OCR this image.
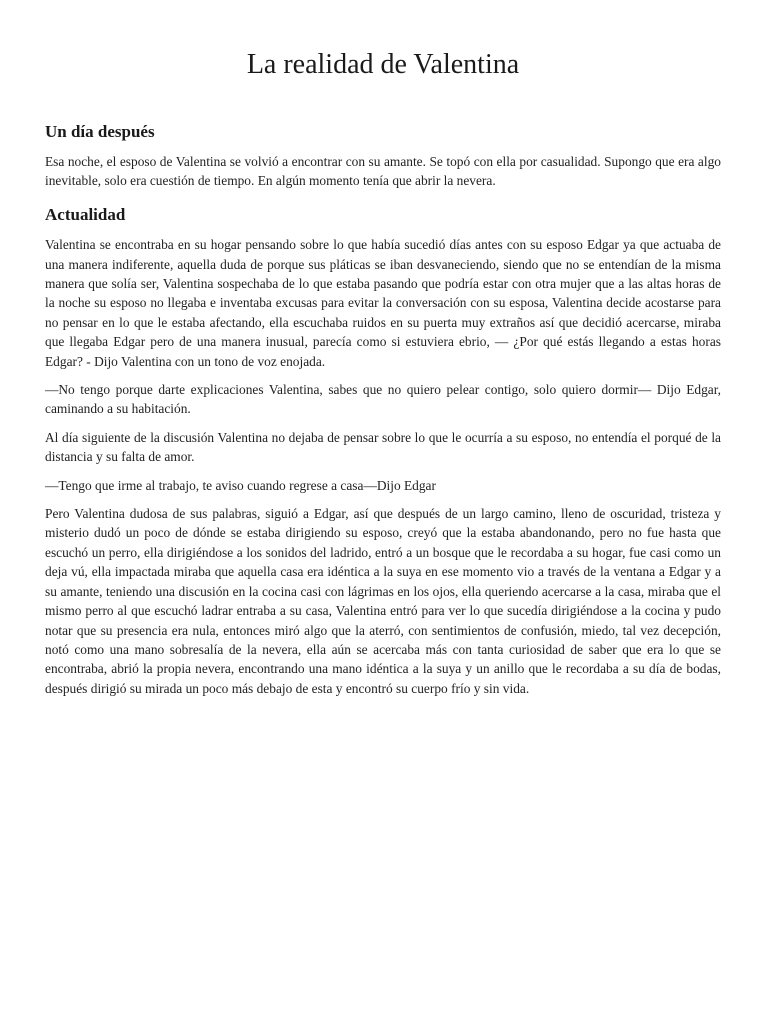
La realidad de Valentina
Un día después

Esa noche, el esposo de Valentina se volvió a encontrar con su amante. Se topó con ella por casualidad. Supongo que era algo inevitable, solo era cuestión de tiempo. En algún momento tenía que abrir la nevera.

Actualidad

Valentina se encontraba en su hogar pensando sobre lo que había sucedió días antes con su esposo Edgar ya que actuaba de una manera indiferente, aquella duda de porque sus pláticas se iban desvaneciendo, siendo que no se entendían de la misma manera que solía ser, Valentina sospechaba de lo que estaba pasando que podría estar con otra mujer que a las altas horas de la noche su esposo no llegaba e inventaba excusas para evitar la conversación con su esposa, Valentina decide acostarse para no pensar en lo que le estaba afectando, ella escuchaba ruidos en su puerta muy extraños así que decidió acercarse, miraba que llegaba Edgar pero de una manera inusual, parecía como si estuviera ebrio, — ¿Por qué estás llegando a estas horas Edgar? - Dijo Valentina con un tono de voz enojada.

—No tengo porque darte explicaciones Valentina, sabes que no quiero pelear contigo, solo quiero dormir— Dijo Edgar, caminando a su habitación.

Al día siguiente de la discusión Valentina no dejaba de pensar sobre lo que le ocurría a su esposo, no entendía el porqué de la distancia y su falta de amor.

—Tengo que irme al trabajo, te aviso cuando regrese a casa—Dijo Edgar

Pero Valentina dudosa de sus palabras, siguió a Edgar, así que después de un largo camino, lleno de oscuridad, tristeza y misterio dudó un poco de dónde se estaba dirigiendo su esposo, creyó que la estaba abandonando, pero no fue hasta que escuchó un perro, ella dirigiéndose a los sonidos del ladrido, entró a un bosque que le recordaba a su hogar, fue casi como un deja vú, ella impactada miraba que aquella casa era idéntica a la suya en ese momento vio a través de la ventana a Edgar y a su amante, teniendo una discusión en la cocina casi con lágrimas en los ojos, ella queriendo acercarse a la casa, miraba que el mismo perro al que escuchó ladrar entraba a su casa, Valentina entró para ver lo que sucedía dirigiéndose a la cocina y pudo notar que su presencia era nula, entonces miró algo que la aterró, con sentimientos de confusión, miedo, tal vez decepción, notó como una mano sobresalía de la nevera, ella aún se acercaba más con tanta curiosidad de saber que era lo que se encontraba, abrió la propia nevera, encontrando una mano idéntica a la suya y un anillo que le recordaba a su día de bodas, después dirigió su mirada un poco más debajo de esta y encontró su cuerpo frío y sin vida.
